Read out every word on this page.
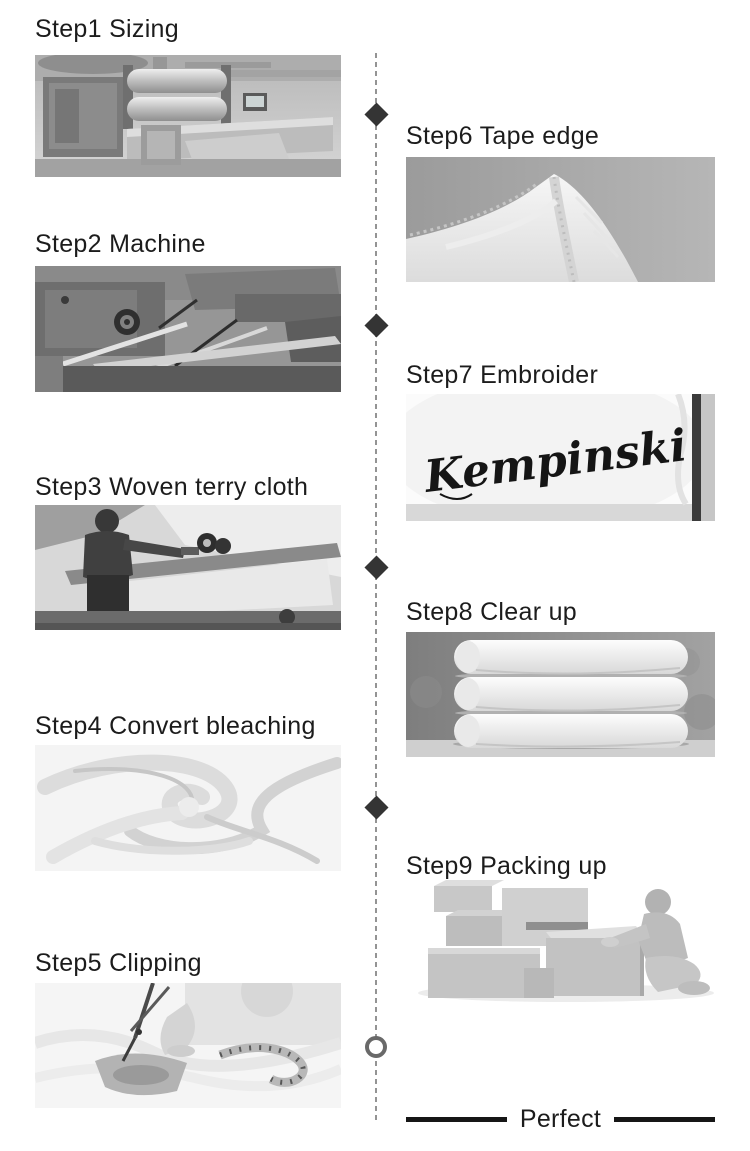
Step1 Sizing
Step2 Machine
Step3 Woven terry cloth
Step4 Convert bleaching
Step5 Clipping
Step6 Tape edge
Step7 Embroider
Kempinski
Step8 Clear up
Step9 Packing up
Perfect
